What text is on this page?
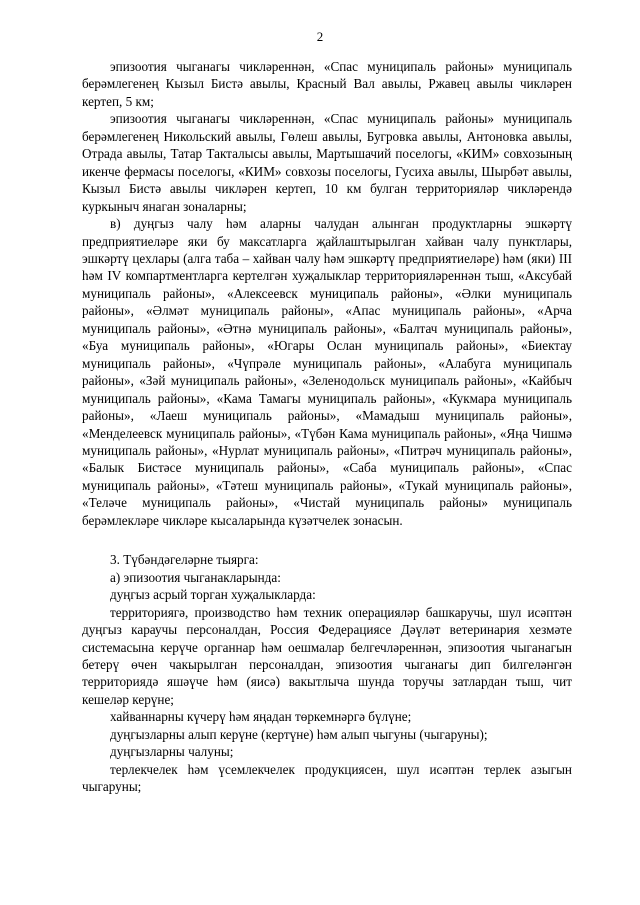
2

эпизоотия чыганагы чикләреннән, «Спас муниципаль районы» муниципаль берәмлегенең Кызыл Бистә авылы, Красный Вал авылы, Ржавец авылы чикләрен кертеп, 5 км;

эпизоотия чыганагы чикләреннән, «Спас муниципаль районы» муниципаль берәмлегенең Никольский авылы, Гөлеш авылы, Бугровка авылы, Антоновка авылы, Отрада авылы, Татар Такталысы авылы, Мартышачий поселогы, «КИМ» совхозының икенче фермасы поселогы, «КИМ» совхозы поселогы, Гусиха авылы, Шырбәт авылы, Кызыл Бистә авылы чикләрен кертеп, 10 км булган территорияләр чикләрендә куркыныч янаган зоналарны;

в) дуңгыз чалу һәм аларны чалудан алынган продуктларны эшкәртү предприятиеләре яки бу максатларга җайлаштырылган хайван чалу пунктлары, эшкәртү цехлары (алга таба – хайван чалу һәм эшкәртү предприятиеләре) һәм (яки) III һәм IV компартментларга кертелгән хуҗалыклар территорияләреннән тыш, «Аксубай муниципаль районы», «Алексеевск муниципаль районы», «Әлки муниципаль районы», «Әлмәт муниципаль районы», «Апас муниципаль районы», «Арча муниципаль районы», «Әтнә муниципаль районы», «Балтач муниципаль районы», «Буа муниципаль районы», «Югары Ослан муниципаль районы», «Биектау муниципаль районы», «Чүпрәле муниципаль районы», «Алабуга муниципаль районы», «Зәй муниципаль районы», «Зеленодольск муниципаль районы», «Кайбыч муниципаль районы», «Кама Тамагы муниципаль районы», «Кукмара муниципаль районы», «Лаеш муниципаль районы», «Мамадыш муниципаль районы», «Менделеевск муниципаль районы», «Түбән Кама муниципаль районы», «Яңа Чишмә муниципаль районы», «Нурлат муниципаль районы», «Питрәч муниципаль районы», «Балык Бистәсе муниципаль районы», «Саба муниципаль районы», «Спас муниципаль районы», «Тәтеш муниципаль районы», «Тукай муниципаль районы», «Теләче муниципаль районы», «Чистай муниципаль районы» муниципаль берәмлекләре чикләре кысаларында күзәтчелек зонасын.

3. Түбәндәгеләрне тыярга:

а) эпизоотия чыганакларында:

дуңгыз асрый торган хуҗалыкларда:

территориягә, производство һәм техник операцияләр башкаручы, шул исәптән дуңгыз караучы персоналдан, Россия Федерациясе Дәүләт ветеринария хезмәте системасына керүче органнар һәм оешмалар белгечләреннән, эпизоотия чыганагын бетерү өчен чакырылган персоналдан, эпизоотия чыганагы дип билгеләнгән территориядә яшәүче һәм (яисә) вакытлыча шунда торучы затлардан тыш, чит кешеләр керүне;

хайваннарны күчерү һәм яңадан төркемнәргә бүлүне;

дуңгызларны алып керүне (кертүне) һәм алып чыгуны (чыгаруны);

дуңгызларны чалуны;

терлекчелек һәм үсемлекчелек продукциясен, шул исәптән терлек азыгын чыгаруны;
